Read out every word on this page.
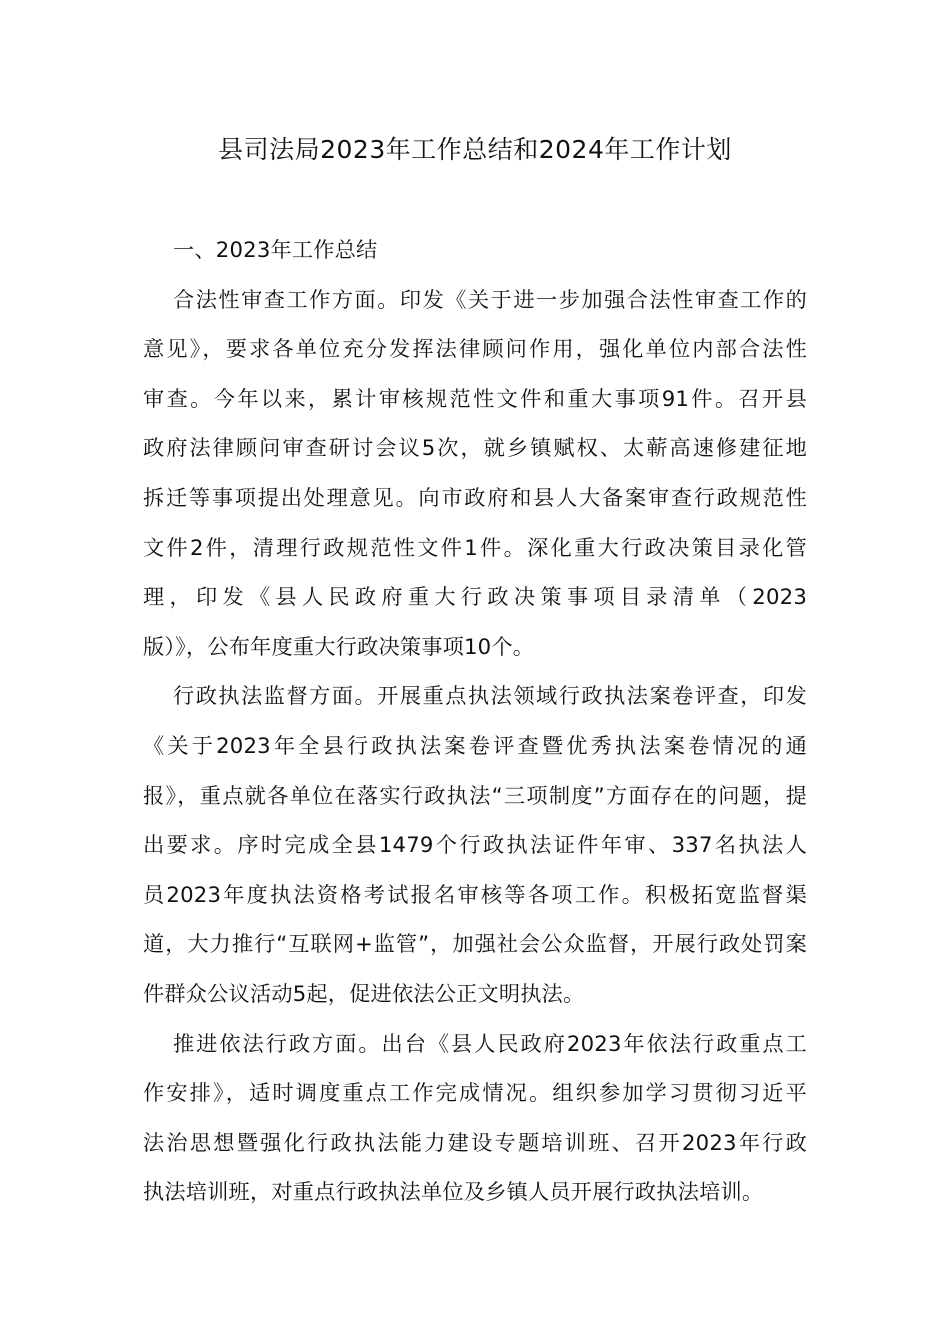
县司法局2023年工作总结和2024年工作计划
一、2023年工作总结
合法性审查工作方面。印发《关于进一步加强合法性审查工作的
意见》，要求各单位充分发挥法律顾问作用，强化单位内部合法性
审查。今年以来，累计审核规范性文件和重大事项91件。召开县
政府法律顾问审查研讨会议5次，就乡镇赋权、太蕲高速修建征地
拆迁等事项提出处理意见。向市政府和县人大备案审查行政规范性
文件2件，清理行政规范性文件1件。深化重大行政决策目录化管
理，印发《县人民政府重大行政决策事项目录清单（2023
版）》，公布年度重大行政决策事项10个。
行政执法监督方面。开展重点执法领域行政执法案卷评查，印发
《关于2023年全县行政执法案卷评查暨优秀执法案卷情况的通
报》，重点就各单位在落实行政执法“三项制度”方面存在的问题，提
出要求。序时完成全县1479个行政执法证件年审、337名执法人
员2023年度执法资格考试报名审核等各项工作。积极拓宽监督渠
道，大力推行“互联网+监管”，加强社会公众监督，开展行政处罚案
件群众公议活动5起，促进依法公正文明执法。
推进依法行政方面。出台《县人民政府2023年依法行政重点工
作安排》，适时调度重点工作完成情况。组织参加学习贯彻习近平
法治思想暨强化行政执法能力建设专题培训班、召开2023年行政
执法培训班，对重点行政执法单位及乡镇人员开展行政执法培训。
